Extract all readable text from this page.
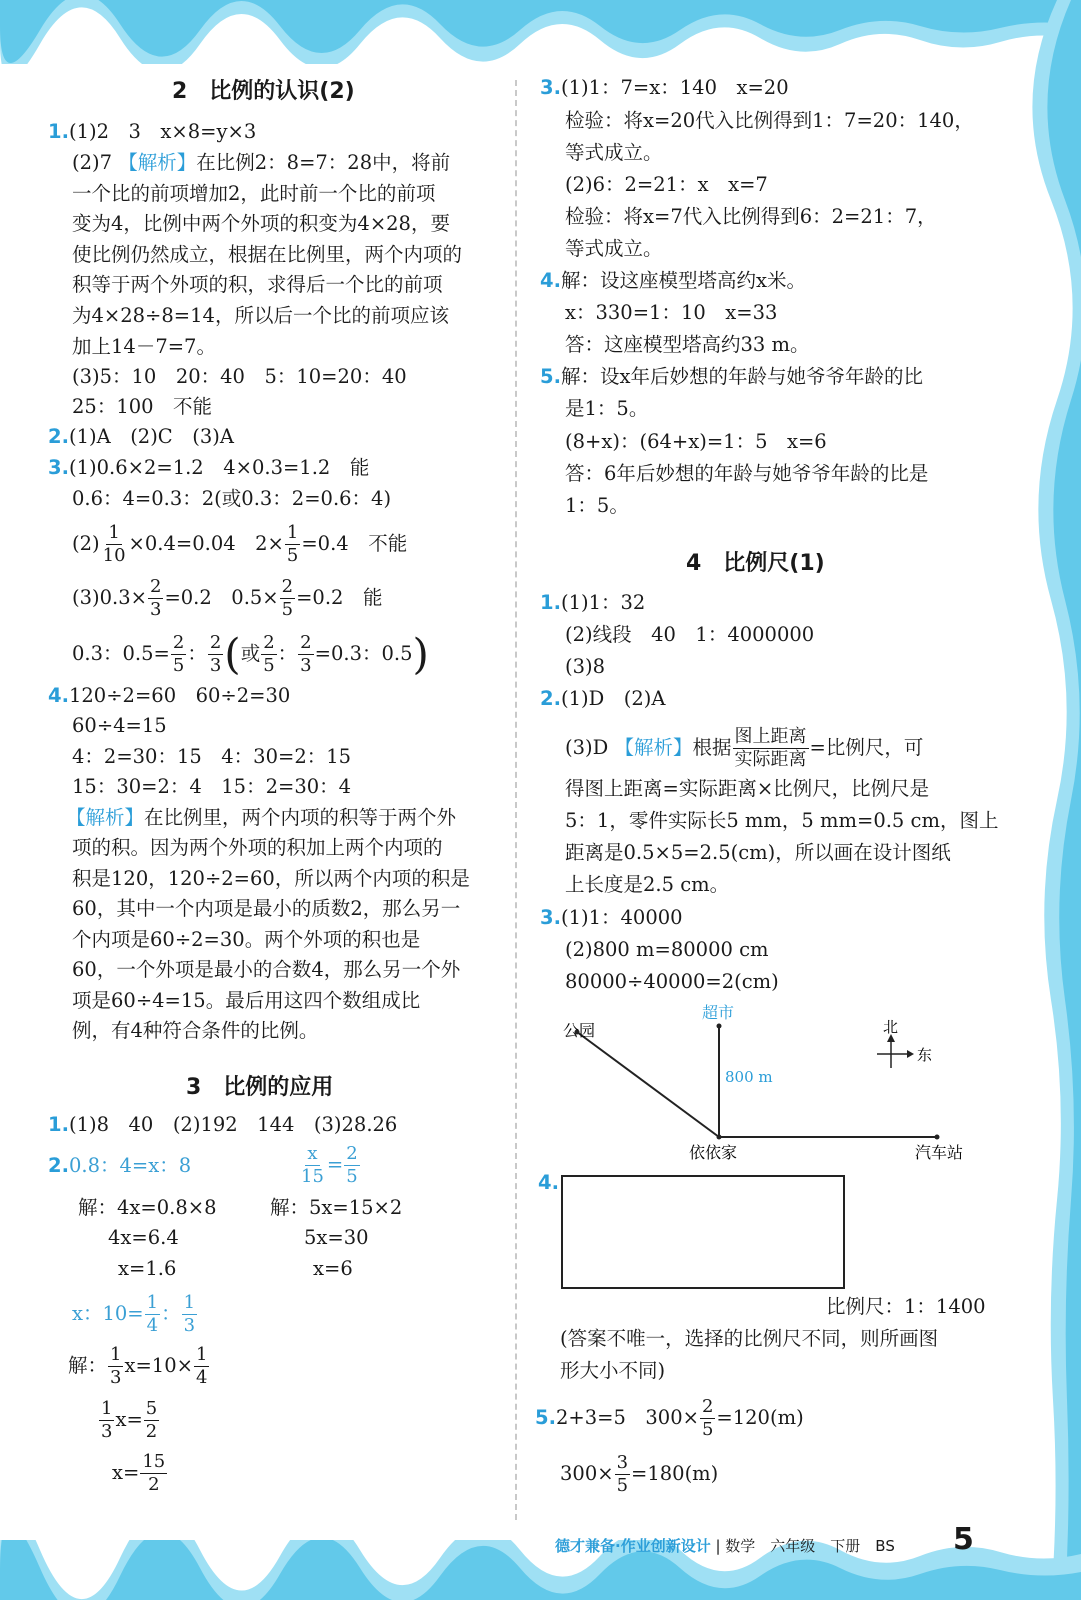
2　比例的认识(2)
1.(1)2　3　x×8=y×3
(2)7 【解析】在比例2：8=7：28中，将前
一个比的前项增加2，此时前一个比的前项
变为4，比例中两个外项的积变为4×28，要
使比例仍然成立，根据在比例里，两个内项的
积等于两个外项的积，求得后一个比的前项
为4×28÷8=14，所以后一个比的前项应该
加上14－7=7。
(3)5：10　20：40　5：10=20：40
25：100　不能
2.(1)A　(2)C　(3)A
3.(1)0.6×2=1.2　4×0.3=1.2　能
0.6：4=0.3：2(或0.3：2=0.6：4)
$(2) \frac{1}{10} \times 0.4=0.04$　$2\times \frac{1}{5} =0.4$　不能
$(3)0.3\times \frac{2}{3} =0.2$　$0.5\times \frac{2}{5} =0.2$　能
0.3：$0.5= \frac{2}{5}$ ： $\frac{2}{3}$ (或 $\frac{2}{5}$ ： $\frac{2}{3} =0.3$：0.5)
4.120÷2=60　60÷2=30
60÷4=15
4：2=30：15　4：30=2：15
15：30=2：4　15：2=30：4
【解析】在比例里，两个内项的积等于两个外
项的积。因为两个外项的积加上两个内项的
积是120，120÷2=60，所以两个内项的积是
60，其中一个内项是最小的质数2，那么另一
个内项是60÷2=30。两个外项的积也是
60，一个外项是最小的合数4，那么另一个外
项是60÷4=15。最后用这四个数组成比
例，有4种符合条件的比例。
3　比例的应用
1.(1)8　40　(2)192　144　(3)28.26
2.0.8：4=x：8	$\frac{x}{15} = \frac{2}{5}$
解：4x=0.8×8
4x=6.4
x=1.6
解：5x=15×2
5x=30
x=6
x：$10= \frac{1}{4}$ ： $\frac{1}{3}$
解： $\frac{1}{3} x=10\times \frac{1}{4}$
$\frac{1}{3} x= \frac{5}{2}$
$x= \frac{15}{2}$
3.(1)1：7=x：140　x=20
检验：将x=20代入比例得到1：7=20：140，
等式成立。
(2)6：2=21：x　x=7
检验：将x=7代入比例得到6：2=21：7，
等式成立。
4.解：设这座模型塔高约x米。
x：330=1：10　x=33
答：这座模型塔高约33 m。
5.解：设x年后妙想的年龄与她爷爷年龄的比
是1：5。
(8+x)：(64+x)=1：5　x=6
答：6年后妙想的年龄与她爷爷年龄的比是
1：5。
4　比例尺(1)
1.(1)1：32
(2)线段　40　1：4000000
(3)8
2.(1)D　(2)A
(3)D 【解析】根据 $\frac{\text{图上距离}}{\text{实际距离}}$ =比例尺，可
得图上距离=实际距离×比例尺，比例尺是
5：1，零件实际长5 mm，5 mm=0.5 cm，图上
距离是0.5×5=2.5(cm)，所以画在设计图纸
上长度是2.5 cm。
3.(1)1：40000
(2)800 m=80000 cm
80000÷40000=2(cm)
公园
超市
800 m
依依家	汽车站
北
东
4.
比例尺：1：1400
(答案不唯一，选择的比例尺不同，则所画图
形大小不同)
5.2+3=5　$300\times \frac{2}{5} =120(m)$
$300\times \frac{3}{5} =180(m)$
德才兼备·作业创新设计 | 数学　六年级　下册　BS 5
